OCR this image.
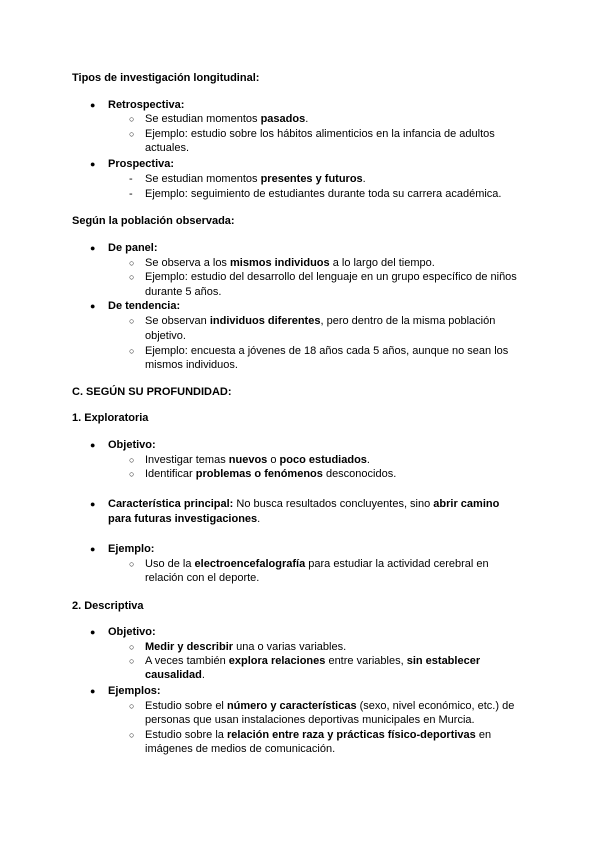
Tipos de investigación longitudinal:
● Retrospectiva:
○ Se estudian momentos pasados.
○ Ejemplo: estudio sobre los hábitos alimenticios en la infancia de adultos
actuales.
● Prospectiva:
- Se estudian momentos presentes y futuros.
- Ejemplo: seguimiento de estudiantes durante toda su carrera académica.
Según la población observada:
● De panel:
○ Se observa a los mismos individuos a lo largo del tiempo.
○ Ejemplo: estudio del desarrollo del lenguaje en un grupo específico de niños
durante 5 años.
● De tendencia:
○ Se observan individuos diferentes, pero dentro de la misma población
objetivo.
○ Ejemplo: encuesta a jóvenes de 18 años cada 5 años, aunque no sean los
mismos individuos.
C. SEGÚN SU PROFUNDIDAD:
1. Exploratoria
● Objetivo:
○ Investigar temas nuevos o poco estudiados.
○ Identificar problemas o fenómenos desconocidos.
● Característica principal: No busca resultados concluyentes, sino abrir camino
para futuras investigaciones.
● Ejemplo:
○ Uso de la electroencefalografía para estudiar la actividad cerebral en
relación con el deporte.
2. Descriptiva
● Objetivo:
○ Medir y describir una o varias variables.
○ A veces también explora relaciones entre variables, sin establecer
causalidad.
● Ejemplos:
○ Estudio sobre el número y características (sexo, nivel económico, etc.) de
personas que usan instalaciones deportivas municipales en Murcia.
○ Estudio sobre la relación entre raza y prácticas físico-deportivas en
imágenes de medios de comunicación.
